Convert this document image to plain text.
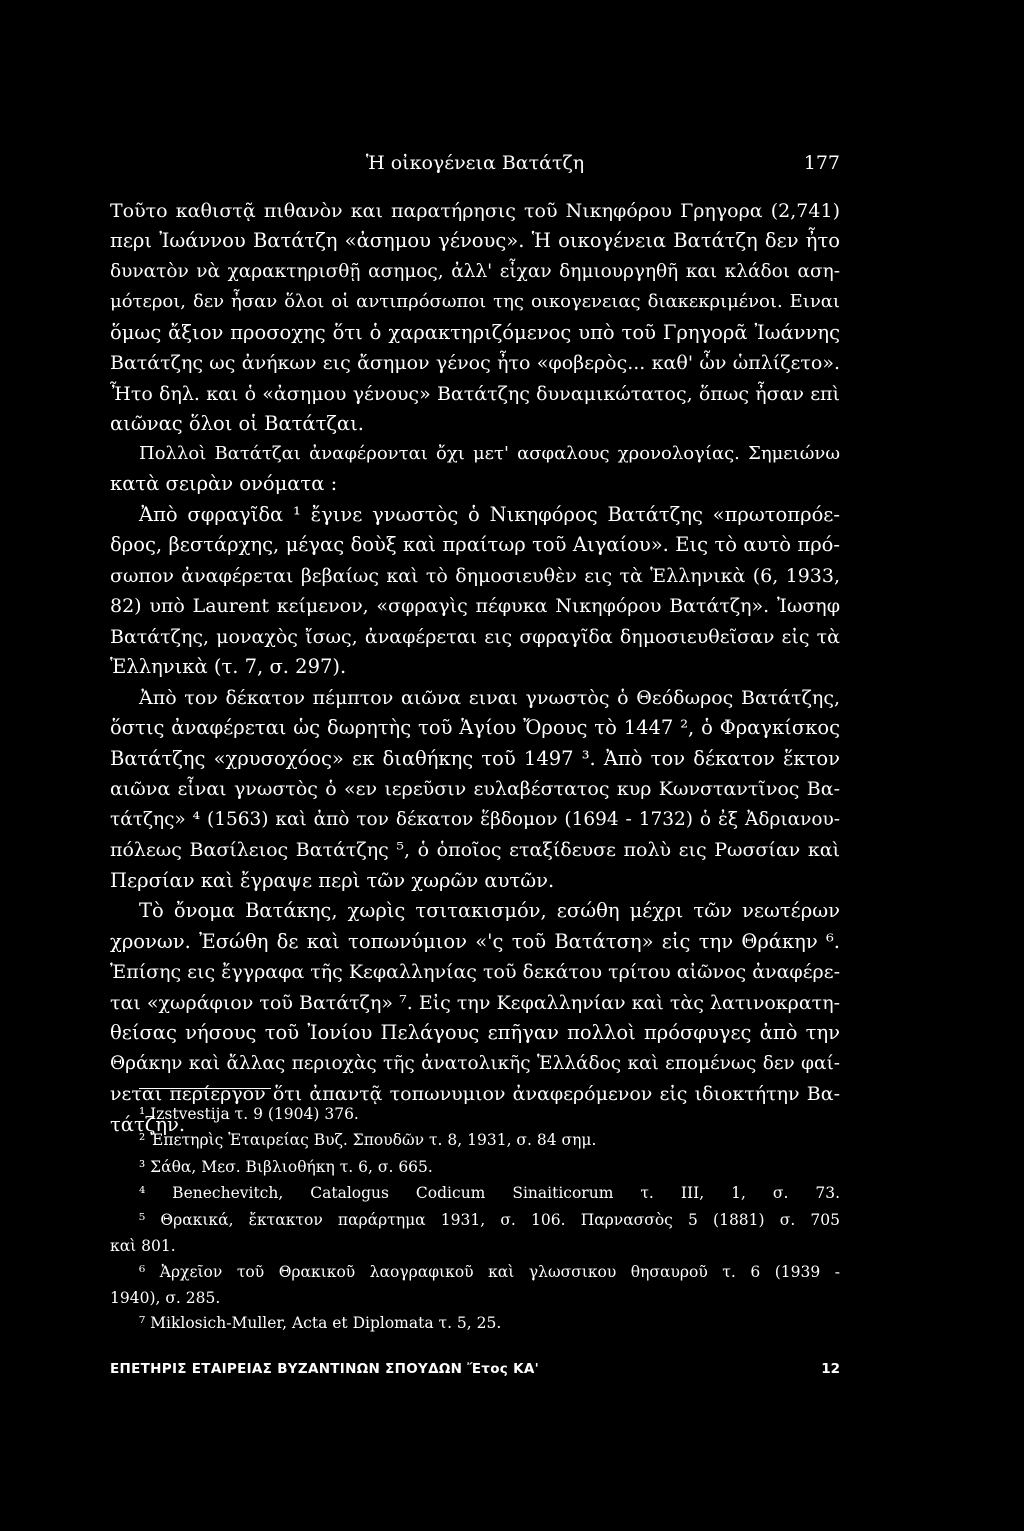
Ἡ οἰκογένεια Βατάτζη	177
Τοῦτο καθιστᾷ πιθανὸν και παρατήρησις τοῦ Νικηφόρου Γρηγορα (2,741)
περι Ἰωάννου Βατάτζη «ἀσημου γένους». Ἡ οικογένεια Βατάτζη δεν ἦτο
δυνατὸν νὰ χαρακτηρισθῇ ασημος, ἀλλ' εἶχαν δημιουργηθῆ και κλάδοι αση-
μότεροι, δεν ἦσαν ὅλοι οἱ αντιπρόσωποι της οικογενειας διακεκριμένοι. Ειναι
ὅμως ἄξιον προσοχης ὅτι ὁ χαρακτηριζόμενος υπὸ τοῦ Γρηγορᾶ Ἰωάννης
Βατάτζης ως ἀνήκων εις ἄσημον γένος ἦτο «φοβερὸς... καθ' ὧν ὡπλίζετο».
Ἦτο δηλ. και ὁ «ἀσημου γένους» Βατάτζης δυναμικώτατος, ὅπως ἦσαν επὶ
αιῶνας ὅλοι οἱ Βατάτζαι.
Πολλοὶ Βατάτζαι ἀναφέρονται ὄχι μετ' ασφαλους χρονολογίας. Σημειώνω
κατὰ σειρὰν ονόματα :
Ἀπὸ σφραγῖδα ¹ ἔγινε γνωστὸς ὁ Νικηφόρος Βατάτζης «πρωτοπρόε-
δρος, βεστάρχης, μέγας δοὺξ καὶ πραίτωρ τοῦ Αιγαίου». Εις τὸ αυτὸ πρό-
σωπον ἀναφέρεται βεβαίως καὶ τὸ δημοσιευθὲν εις τὰ Ἑλληνικὰ (6, 1933,
82) υπὸ Laurent κείμενον, «σφραγὶς πέφυκα Νικηφόρου Βατάτζη». Ἰωσηφ
Βατάτζης, μοναχὸς ἴσως, ἀναφέρεται εις σφραγῖδα δημοσιευθεῖσαν εἰς τὰ
Ἑλληνικὰ (τ. 7, σ. 297).
Ἀπὸ τον δέκατον πέμπτον αιῶνα ειναι γνωστὸς ὁ Θεόδωρος Βατάτζης,
ὅστις ἀναφέρεται ὡς δωρητὴς τοῦ Ἁγίου Ὄρους τὸ 1447 ², ὁ Φραγκίσκος
Βατάτζης «χρυσοχόος» εκ διαθήκης τοῦ 1497 ³. Ἀπὸ τον δέκατον ἕκτον
αιῶνα εἶναι γνωστὸς ὁ «εν ιερεῦσιν ευλαβέστατος κυρ Κωνσταντῖνος Βα-
τάτζης» ⁴ (1563) καὶ ἀπὸ τον δέκατον ἕβδομον (1694 - 1732) ὁ ἐξ Ἀδριανου-
πόλεως Βασίλειος Βατάτζης ⁵, ὁ ὁποῖος εταξίδευσε πολὺ εις Ρωσσίαν καὶ
Περσίαν καὶ ἔγραψε περὶ τῶν χωρῶν αυτῶν.
Τὸ ὄνομα Βατάκης, χωρὶς τσιτακισμόν, εσώθη μέχρι τῶν νεωτέρων
χρονων. Ἐσώθη δε καὶ τοπωνύμιον «'ς τοῦ Βατάτση» εἰς την Θράκην ⁶.
Ἐπίσης εις ἔγγραφα τῆς Κεφαλληνίας τοῦ δεκάτου τρίτου αἰῶνος ἀναφέρε-
ται «χωράφιον τοῦ Βατάτζη» ⁷. Εἰς την Κεφαλληνίαν καὶ τὰς λατινοκρατη-
θείσας νήσους τοῦ Ἰονίου Πελάγους επῆγαν πολλοὶ πρόσφυγες ἀπὸ την
Θράκην καὶ ἄλλας περιοχὰς τῆς ἀνατολικῆς Ἑλλάδος καὶ επομένως δεν φαί-
νεται περίεργον ὅτι ἀπαντᾷ τοπωνυμιον ἀναφερόμενον εἰς ιδιοκτήτην Βα-
τάτζην.
¹ Izstvestija τ. 9 (1904) 376.
² Ἐπετηρὶς Ἑταιρείας Βυζ. Σπουδῶν τ. 8, 1931, σ. 84 σημ.
³ Σάθα, Μεσ. Βιβλιοθήκη τ. 6, σ. 665.
⁴ Benechevitch, Catalogus Codicum Sinaiticorum τ. III, 1, σ. 73.
⁵ Θρακικά, ἔκτακτον παράρτημα 1931, σ. 106. Παρνασσὸς 5 (1881) σ. 705
καὶ 801.
⁶ Ἀρχεῖον τοῦ Θρακικοῦ λαογραφικοῦ καὶ γλωσσικου θησαυροῦ τ. 6 (1939 -
1940), σ. 285.
⁷ Miklosich-Muller, Acta et Diplomata τ. 5, 25.
ΕΠΕΤΗΡΙΣ ΕΤΑΙΡΕΙΑΣ ΒΥΖΑΝΤΙΝΩΝ ΣΠΟΥΔΩΝ Ἔτος ΚΑ'	12
